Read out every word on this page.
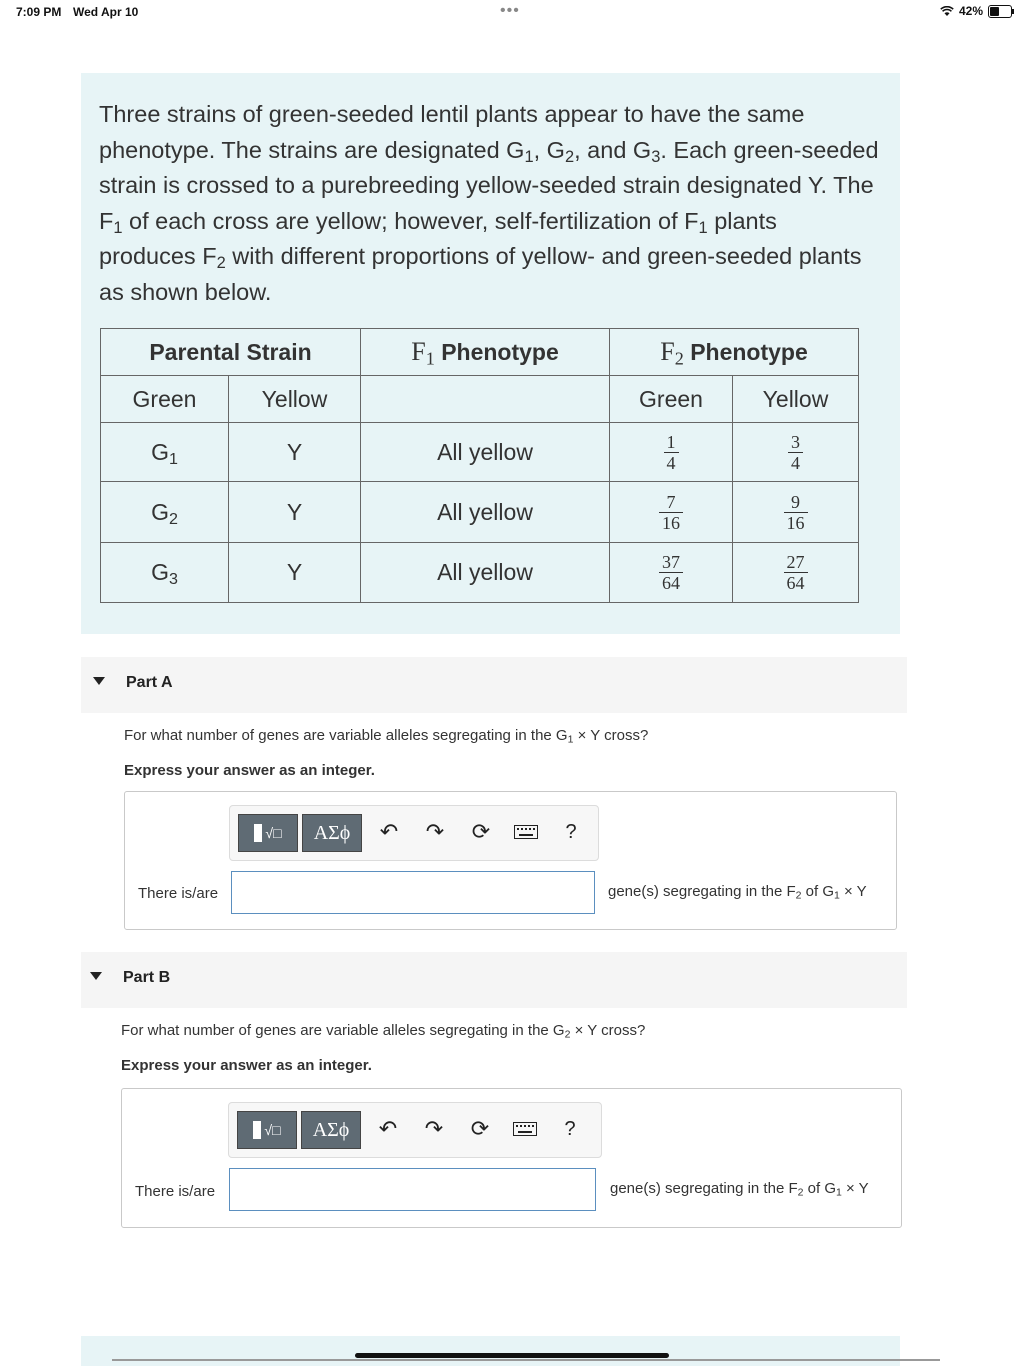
7:09 PM Wed Apr 10	•••	42%

Three strains of green-seeded lentil plants appear to have the same phenotype. The strains are designated $G_1$, $G_2$, and $G_3$. Each green-seeded strain is crossed to a purebreeding yellow-seeded strain designated Y. The $F_1$ of each cross are yellow; however, self-fertilization of $F_1$ plants produces $F_2$ with different proportions of yellow- and green-seeded plants as shown below.

Parental Strain		$F_1$ Phenotype	$F_2$ Phenotype	
Green	Yellow		Green	Yellow
$G_1$	Y	All yellow	$\frac{1}{4}$	$\frac{3}{4}$

$G_2$	Y	All yellow	$\frac{7}{16}$	$\frac{9}{16}$

$G_3$	Y	All yellow	$\frac{37}{64}$	$\frac{27}{64}$
Part A
For what number of genes are variable alleles segregating in the $G_1 \times Y$ cross?
Express your answer as an integer.
√□	ΑΣϕ	↶ ↷ ⟳	?
There is/are	gene(s) segregating in the $F_2$ of $G_1 \times Y$
Part B
For what number of genes are variable alleles segregating in the $G_2 \times Y$ cross?
Express your answer as an integer.
√□	ΑΣϕ	↶ ↷ ⟳	?
There is/are	gene(s) segregating in the $F_2$ of $G_1 \times Y$
